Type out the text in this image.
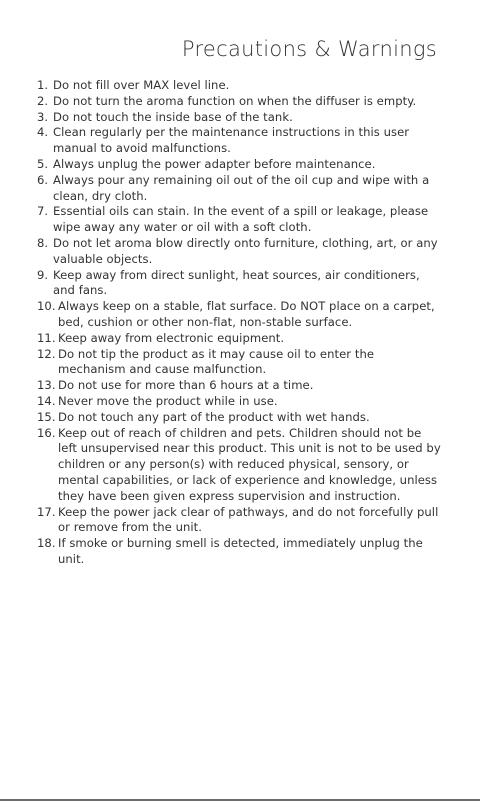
Precautions & Warnings
1. Do not fill over MAX level line.
2. Do not turn the aroma function on when the diffuser is empty.
3. Do not touch the inside base of the tank.
4. Clean regularly per the maintenance instructions in this user manual to avoid malfunctions.
5. Always unplug the power adapter before maintenance.
6. Always pour any remaining oil out of the oil cup and wipe with a clean, dry cloth.
7. Essential oils can stain. In the event of a spill or leakage, please wipe away any water or oil with a soft cloth.
8. Do not let aroma blow directly onto furniture, clothing, art, or any valuable objects.
9. Keep away from direct sunlight, heat sources, air conditioners, and fans.
10. Always keep on a stable, flat surface. Do NOT place on a carpet, bed, cushion or other non-flat, non-stable surface.
11. Keep away from electronic equipment.
12. Do not tip the product as it may cause oil to enter the mechanism and cause malfunction.
13. Do not use for more than 6 hours at a time.
14. Never move the product while in use.
15. Do not touch any part of the product with wet hands.
16. Keep out of reach of children and pets. Children should not be left unsupervised near this product. This unit is not to be used by children or any person(s) with reduced physical, sensory, or mental capabilities, or lack of experience and knowledge, unless they have been given express supervision and instruction.
17. Keep the power jack clear of pathways, and do not forcefully pull or remove from the unit.
18. If smoke or burning smell is detected, immediately unplug the unit.
